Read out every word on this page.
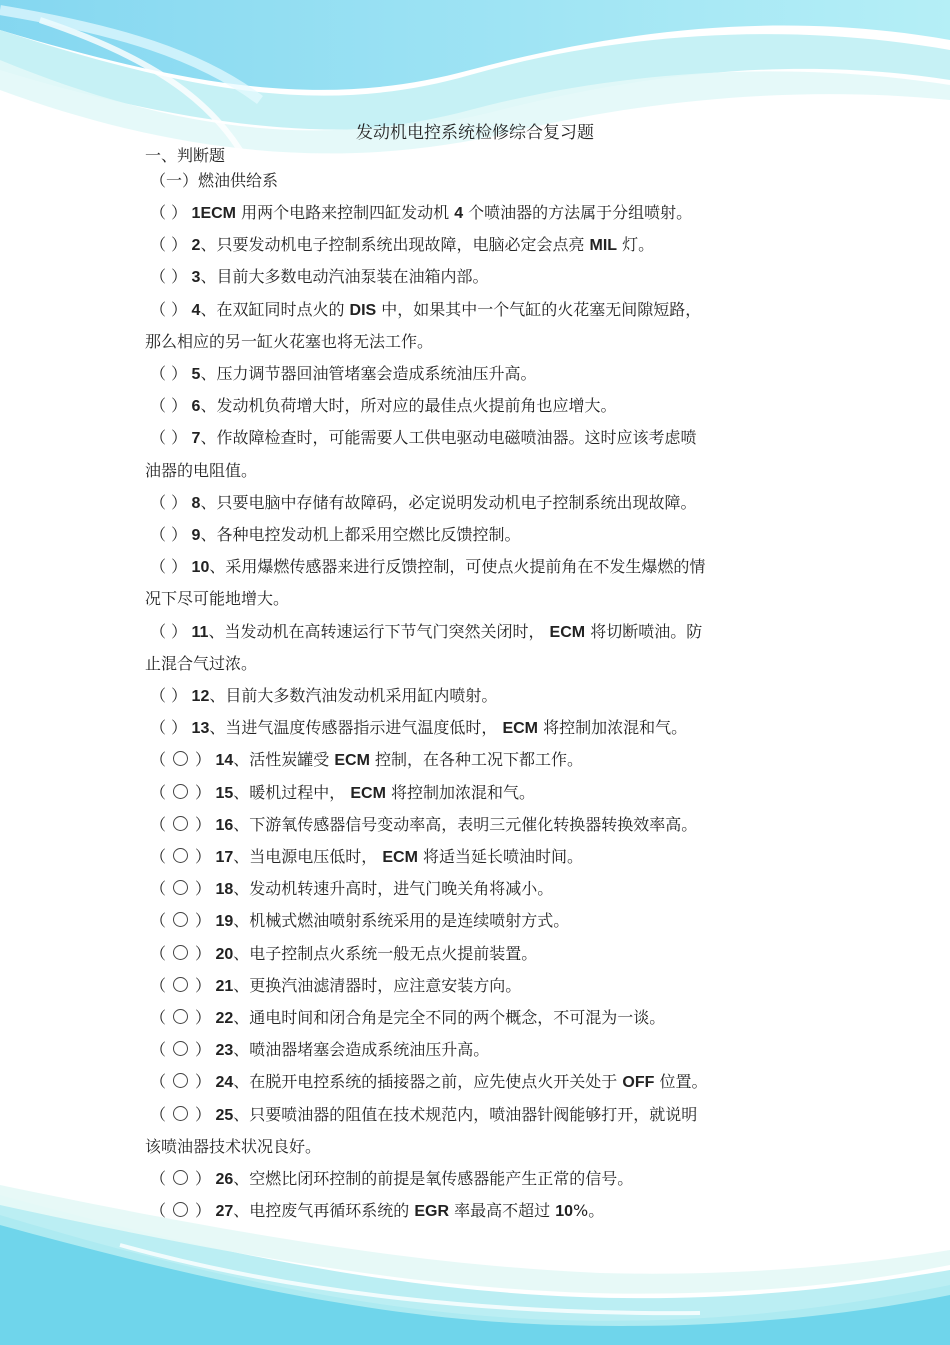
发动机电控系统检修综合复习题
一、判断题
（一）燃油供给系
（ ） 1ECM 用两个电路来控制四缸发动机 4 个喷油器的方法属于分组喷射。
（ ） 2、只要发动机电子控制系统出现故障，电脑必定会点亮 MIL 灯。
（ ） 3、目前大多数电动汽油泵装在油箱内部。
（ ） 4、在双缸同时点火的 DIS 中，如果其中一个气缸的火花塞无间隙短路，
那么相应的另一缸火花塞也将无法工作。
（ ） 5、压力调节器回油管堵塞会造成系统油压升高。
（ ） 6、发动机负荷增大时，所对应的最佳点火提前角也应增大。
（ ） 7、作故障检查时，可能需要人工供电驱动电磁喷油器。这时应该考虑喷
油器的电阻值。
（ ） 8、只要电脑中存储有故障码，必定说明发动机电子控制系统出现故障。
（ ） 9、各种电控发动机上都采用空燃比反馈控制。
（ ） 10、采用爆燃传感器来进行反馈控制，可使点火提前角在不发生爆燃的情
况下尽可能地增大。
（ ） 11、当发动机在高转速运行下节气门突然关闭时， ECM 将切断喷油。防
止混合气过浓。
（ ） 12、目前大多数汽油发动机采用缸内喷射。
（ ） 13、当进气温度传感器指示进气温度低时， ECM 将控制加浓混和气。
（ ○ ） 14、活性炭罐受 ECM 控制，在各种工况下都工作。
（ ○ ） 15、暖机过程中， ECM 将控制加浓混和气。
（ ○ ） 16、下游氧传感器信号变动率高，表明三元催化转换器转换效率高。
（ ○ ） 17、当电源电压低时， ECM 将适当延长喷油时间。
（ ○ ） 18、发动机转速升高时，进气门晚关角将减小。
（ ○ ） 19、机械式燃油喷射系统采用的是连续喷射方式。
（ ○ ） 20、电子控制点火系统一般无点火提前装置。
（ ○ ） 21、更换汽油滤清器时，应注意安装方向。
（ ○ ） 22、通电时间和闭合角是完全不同的两个概念，不可混为一谈。
（ ○ ） 23、喷油器堵塞会造成系统油压升高。
（ ○ ） 24、在脱开电控系统的插接器之前，应先使点火开关处于 OFF 位置。
（ ○ ） 25、只要喷油器的阻值在技术规范内，喷油器针阀能够打开，就说明
该喷油器技术状况良好。
（ ○ ） 26、空燃比闭环控制的前提是氧传感器能产生正常的信号。
（ ○ ） 27、电控废气再循环系统的 EGR 率最高不超过 10%。
